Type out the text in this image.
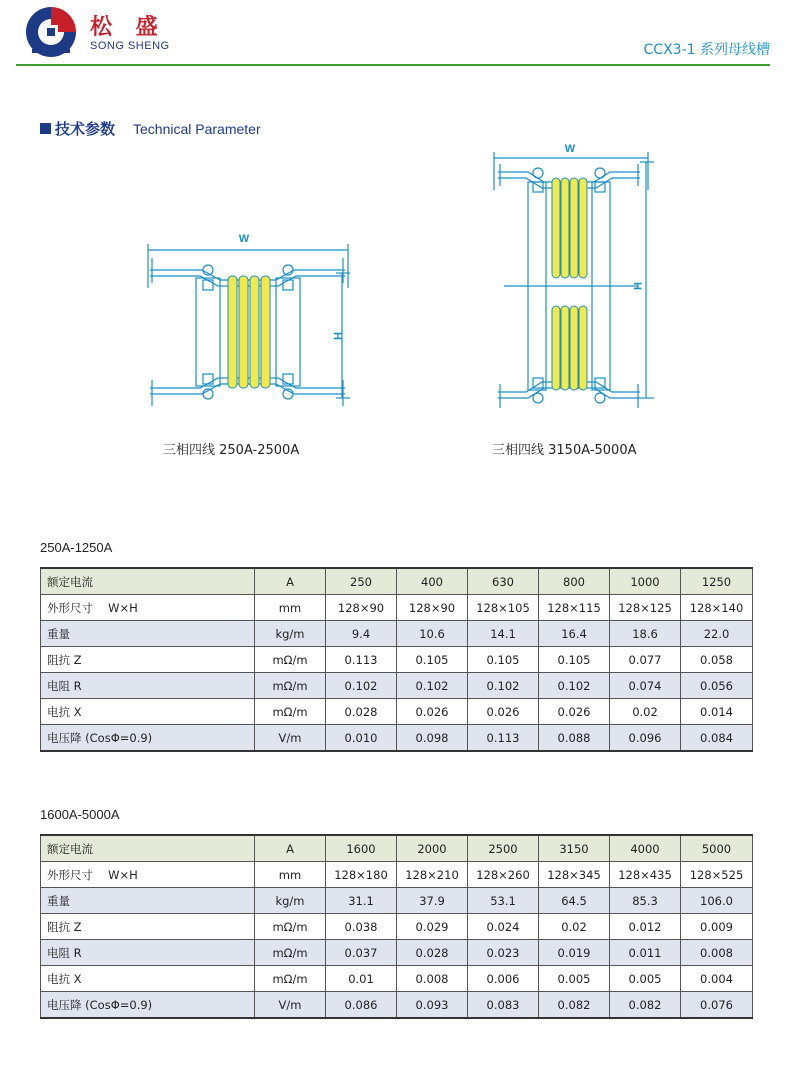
松 盛
SONG SHENG	CCX3-1 系列母线槽
技术参数 Technical Parameter
W
H
三相四线 250A-2500A
W
H
三相四线 3150A-5000A
250A-1250A
额定电流	A	250	400	630	800	1000	1250
外形尺寸　 W×H	mm	128×90	128×90	128×105	128×115	128×125	128×140
重量	kg/m	9.4	10.6	14.1	16.4	18.6	22.0
阻抗 Z	mΩ/m	0.113	0.105	0.105	0.105	0.077	0.058
电阻 R	mΩ/m	0.102	0.102	0.102	0.102	0.074	0.056
电抗 X	mΩ/m	0.028	0.026	0.026	0.026	0.02	0.014
电压降 (CosΦ=0.9)	V/m	0.010	0.098	0.113	0.088	0.096	0.084
1600A-5000A
额定电流	A	1600	2000	2500	3150	4000	5000
外形尺寸　 W×H	mm	128×180	128×210	128×260	128×345	128×435	128×525
重量	kg/m	31.1	37.9	53.1	64.5	85.3	106.0
阻抗 Z	mΩ/m	0.038	0.029	0.024	0.02	0.012	0.009
电阻 R	mΩ/m	0.037	0.028	0.023	0.019	0.011	0.008
电抗 X	mΩ/m	0.01	0.008	0.006	0.005	0.005	0.004
电压降 (CosΦ=0.9)	V/m	0.086	0.093	0.083	0.082	0.082	0.076
